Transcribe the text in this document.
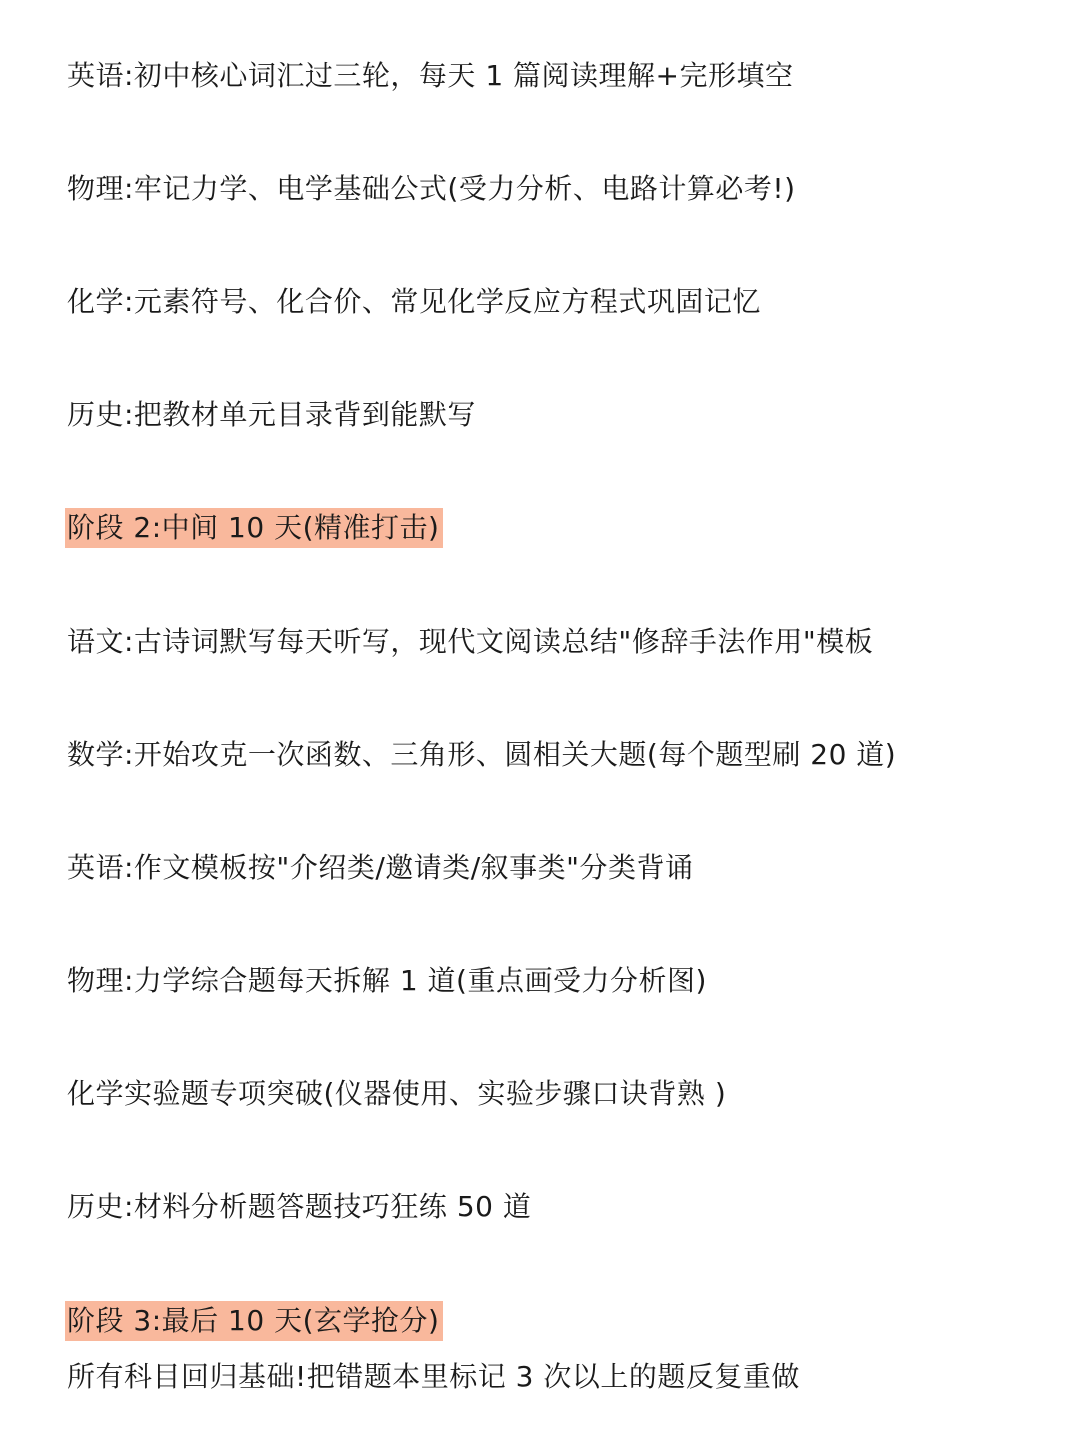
英语:初中核心词汇过三轮，每天 1 篇阅读理解+完形填空

物理:牢记力学、电学基础公式(受力分析、电路计算必考!)

化学:元素符号、化合价、常见化学反应方程式巩固记忆

历史:把教材单元目录背到能默写

阶段 2:中间 10 天(精准打击)

语文:古诗词默写每天听写，现代文阅读总结"修辞手法作用"模板

数学:开始攻克一次函数、三角形、圆相关大题(每个题型刷 20 道)

英语:作文模板按"介绍类/邀请类/叙事类"分类背诵

物理:力学综合题每天拆解 1 道(重点画受力分析图)

化学实验题专项突破(仪器使用、实验步骤口诀背熟 )

历史:材料分析题答题技巧狂练 50 道

阶段 3:最后 10 天(玄学抢分)

所有科目回归基础!把错题本里标记 3 次以上的题反复重做
